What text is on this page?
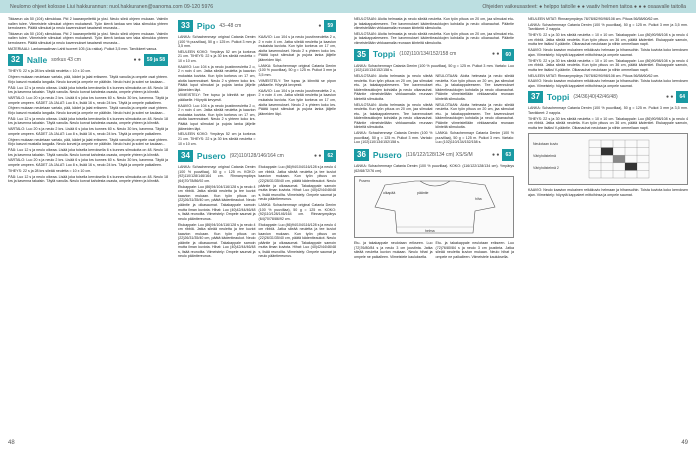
Neulomo ohjeet kolosse Liui hakkurannun: nuol.hakkuranen@sanoma.com 09-120 5976	Ohjeiden vaikeusasteet: ● helppo taitolle ● ● vaativ helmen taitoa ● ● ● osaavalle taitolla

Tikkaeun ula 50 (104) silmukkaa. Pid 2 kaaranpeitettä ja yksi. Neulo sileä ohjeen mukaan. Valmiin nallen tulee. Viimeistele silmukat ohjeen mukaisesti. Työn kierrä lankaa sen taka silmukka yhteen kerrokseen. Päätä silmukat ja neulo kavennukset tasaisesti reunasta...

Tikkaeun ula 50 (104) silmukkaa. Pid 2 kaaranpeitettä ja yksi. Neulo sileä ohjeen mukaan. Valmiin nallen tulee. Viimeistele silmukat ohjeen mukaisesti. Työn kierrä lankaa sen taka silmukka yhteen kerrokseen. Päätä silmukat ja neulo kavennukset tasaisesti reunasta...

MATERIAALI: Lankamaailman Lahti tuoreet 105 (Liu rakka). Puikot 3,5 mm. Tarvikkeet vanua.

32 Nalle sorkus 43 cm	● ●	59 ja 58

TIHEYS: 22 s ja 28 krs sileää neuletta = 10 x 10 cm.

Ohjeen mukaan neuletaan vartalo, pää, kädet ja jalat erikseen. Täytä vanulla ja ompele osat yhteen. Kirjo kasvot mustalla langalla. Neulo korvat ja ompele ne päähän. Neulo huivi ja solmi se kaulaan...

PÄÄ: Luo 12 s ja neulo oikeaa. Lisää joka toisella kerroksella 6 s kunnes silmukoita on 48. Neulo 18 krs ja kavenna takaisin. Täytä vanulla. Neulo korvat kahdesta osasta, ompele yhteen ja kiinnitä.

VARTALO: Luo 20 s ja neulo 2 krs. Lisää 6 s joka krs kunnes 60 s. Neulo 30 krs, kavenna. Täytä ja ompele umpeen. KÄDET JA JALAT: Luo 8 s, lisää 16 s, neulo 24 krs. Täytä ja ompele paikalleen.

Ohjeen mukaan neuletaan vartalo, pää, kädet ja jalat erikseen. Täytä vanulla ja ompele osat yhteen. Kirjo kasvot mustalla langalla. Neulo korvat ja ompele ne päähän. Neulo huivi ja solmi se kaulaan...

PÄÄ: Luo 12 s ja neulo oikeaa. Lisää joka toisella kerroksella 6 s kunnes silmukoita on 48. Neulo 18 krs ja kavenna takaisin. Täytä vanulla. Neulo korvat kahdesta osasta, ompele yhteen ja kiinnitä.

VARTALO: Luo 20 s ja neulo 2 krs. Lisää 6 s joka krs kunnes 60 s. Neulo 30 krs, kavenna. Täytä ja ompele umpeen. KÄDET JA JALAT: Luo 8 s, lisää 16 s, neulo 24 krs. Täytä ja ompele paikalleen.

Ohjeen mukaan neuletaan vartalo, pää, kädet ja jalat erikseen. Täytä vanulla ja ompele osat yhteen. Kirjo kasvot mustalla langalla. Neulo korvat ja ompele ne päähän. Neulo huivi ja solmi se kaulaan...

PÄÄ: Luo 12 s ja neulo oikeaa. Lisää joka toisella kerroksella 6 s kunnes silmukoita on 48. Neulo 18 krs ja kavenna takaisin. Täytä vanulla. Neulo korvat kahdesta osasta, ompele yhteen ja kiinnitä.

VARTALO: Luo 20 s ja neulo 2 krs. Lisää 6 s joka krs kunnes 60 s. Neulo 30 krs, kavenna. Täytä ja ompele umpeen. KÄDET JA JALAT: Luo 8 s, lisää 16 s, neulo 24 krs. Täytä ja ompele paikalleen.

TIHEYS: 22 s ja 28 krs sileää neuletta = 10 x 10 cm.

PÄÄ: Luo 12 s ja neulo oikeaa. Lisää joka toisella kerroksella 6 s kunnes silmukoita on 48. Neulo 18 krs ja kavenna takaisin. Täytä vanulla. Neulo korvat kahdesta osasta, ompele yhteen ja kiinnitä.

33 Pipo 43–48 cm	●	59

LANKA: Schachenmayr original Catania Denim (100 % puuvillaa), 50 g = 125 m. Puikot 3 mm ja 3,5 mm.

NEULEEN KOKO: Ympärys 52 cm ja korkeus 21 cm. TIHEYS: 22 s ja 30 krs sileää neuletta = 10 x 10 cm.

KAAVIO: Luo 104 s ja neulo joustinneuletta 2 o, 2 n noin 4 cm. Jatka sileää neuletta ja kaavion mukaista kuviota. Kun työn korkeus on 17 cm, aloita kavennukset. Neulo 2 s yhteen koko krs. Päätä loput silmukat ja pujota lanka jäljelle jääneiden läpi.

VIIMEISTELY: Tee tupsu ja kiinnitä se pipon päälaelle. Höyrytä kevyesti.

KAAVIO: Luo 104 s ja neulo joustinneuletta 2 o, 2 n noin 4 cm. Jatka sileää neuletta ja kaavion mukaista kuviota. Kun työn korkeus on 17 cm, aloita kavennukset. Neulo 2 s yhteen koko krs. Päätä loput silmukat ja pujota lanka jäljelle jääneiden läpi.

NEULEEN KOKO: Ympärys 52 cm ja korkeus 21 cm. TIHEYS: 22 s ja 30 krs sileää neuletta = 10 x 10 cm.

KAAVIO: Luo 104 s ja neulo joustinneuletta 2 o, 2 n noin 4 cm. Jatka sileää neuletta ja kaavion mukaista kuviota. Kun työn korkeus on 17 cm, aloita kavennukset. Neulo 2 s yhteen koko krs. Päätä loput silmukat ja pujota lanka jäljelle jääneiden läpi.

LANKA: Schachenmayr original Catania Denim (100 % puuvillaa), 50 g = 125 m. Puikot 3 mm ja 3,5 mm.

VIIMEISTELY: Tee tupsu ja kiinnitä se pipon päälaelle. Höyrytä kevyesti.

KAAVIO: Luo 104 s ja neulo joustinneuletta 2 o, 2 n noin 4 cm. Jatka sileää neuletta ja kaavion mukaista kuviota. Kun työn korkeus on 17 cm, aloita kavennukset. Neulo 2 s yhteen koko krs. Päätä loput silmukat ja pujota lanka jäljelle jääneiden läpi.

34 Pusero (92)110/128/146/164 cm	● ●	62

LANKA: Schachenmayr original Catania Denim (100 % puuvillaa), 50 g = 125 m. KOKO: (92)110/128/146/164 cm. Rinnanympärys (64)70/78/86/92 cm.

Etukappale: Luo (86)94/104/116/128 s ja neulo 4 cm ribbiä. Jatka sileää neuletta ja tee kuviot kaavion mukaan. Kun työn pituus on (22)26/31/35/40 cm, päätä kädentieaukot. Neulo pääntie ja olkasaumat. Takakappale samoin mutta ilman kuviota. Hihat: Luo (40)42/44/46/48 s, lisää reunoilta. Viimeistely: Ompele saumat ja neulo pääntiereunus.

Etukappale: Luo (86)94/104/116/128 s ja neulo 4 cm ribbiä. Jatka sileää neuletta ja tee kuviot kaavion mukaan. Kun työn pituus on (22)26/31/35/40 cm, päätä kädentieaukot. Neulo pääntie ja olkasaumat. Takakappale samoin mutta ilman kuviota. Hihat: Luo (40)42/44/46/48 s, lisää reunoilta. Viimeistely: Ompele saumat ja neulo pääntiereunus.

Etukappale: Luo (86)94/104/116/128 s ja neulo 4 cm ribbiä. Jatka sileää neuletta ja tee kuviot kaavion mukaan. Kun työn pituus on (22)26/31/35/40 cm, päätä kädentieaukot. Neulo pääntie ja olkasaumat. Takakappale samoin mutta ilman kuviota. Hihat: Luo (40)42/44/46/48 s, lisää reunoilta. Viimeistely: Ompele saumat ja neulo pääntiereunus.

LANKA: Schachenmayr original Catania Denim (100 % puuvillaa), 50 g = 125 m. KOKO: (92)110/128/146/164 cm. Rinnanympärys (64)70/78/86/92 cm.

Etukappale: Luo (86)94/104/116/128 s ja neulo 4 cm ribbiä. Jatka sileää neuletta ja tee kuviot kaavion mukaan. Kun työn pituus on (22)26/31/35/40 cm, päätä kädentieaukot. Neulo pääntie ja olkasaumat. Takakappale samoin mutta ilman kuviota. Hihat: Luo (40)42/44/46/48 s, lisää reunoilta. Viimeistely: Ompele saumat ja neulo pääntiereunus.

NEULOTAAN: Aloita helmasta ja neulo sileää neuletta. Kun työn pituus on 20 cm, jaa silmukat etu- ja takakappaleeseen. Tee kavennukset kädentieaukkojen kohdalla ja neulo olkanauhat. Pääntie viimeistellään virkkaamalla reunaan kiinteitä silmukoita.

NEULOTAAN: Aloita helmasta ja neulo sileää neuletta. Kun työn pituus on 20 cm, jaa silmukat etu- ja takakappaleeseen. Tee kavennukset kädentieaukkojen kohdalla ja neulo olkanauhat. Pääntie viimeistellään virkkaamalla reunaan kiinteitä silmukoita.

35 Toppi (102)110/134/152/158 cm	● ●	60

LANKA: Schachenmayr Catania Denim (100 % puuvillaa), 50 g = 125 m. Puikot 3 mm. Vartalo: Luo (102)110/134/152/158 s.

NEULOTAAN: Aloita helmasta ja neulo sileää neuletta. Kun työn pituus on 20 cm, jaa silmukat etu- ja takakappaleeseen. Tee kavennukset kädentieaukkojen kohdalla ja neulo olkanauhat. Pääntie viimeistellään virkkaamalla reunaan kiinteitä silmukoita.

NEULOTAAN: Aloita helmasta ja neulo sileää neuletta. Kun työn pituus on 20 cm, jaa silmukat etu- ja takakappaleeseen. Tee kavennukset kädentieaukkojen kohdalla ja neulo olkanauhat. Pääntie viimeistellään virkkaamalla reunaan kiinteitä silmukoita.

LANKA: Schachenmayr Catania Denim (100 % puuvillaa), 50 g = 125 m. Puikot 3 mm. Vartalo: Luo (102)110/134/152/158 s.

NEULOTAAN: Aloita helmasta ja neulo sileää neuletta. Kun työn pituus on 20 cm, jaa silmukat etu- ja takakappaleeseen. Tee kavennukset kädentieaukkojen kohdalla ja neulo olkanauhat. Pääntie viimeistellään virkkaamalla reunaan kiinteitä silmukoita.

NEULOTAAN: Aloita helmasta ja neulo sileää neuletta. Kun työn pituus on 20 cm, jaa silmukat etu- ja takakappaleeseen. Tee kavennukset kädentieaukkojen kohdalla ja neulo olkanauhat. Pääntie viimeistellään virkkaamalla reunaan kiinteitä silmukoita.

LANKA: Schachenmayr Catania Denim (100 % puuvillaa), 50 g = 125 m. Puikot 3 mm. Vartalo: Luo (102)110/134/152/158 s.

36 Pusero (116/122/128/134 cm) XS/S/M	● ●	63

LANKA: Schachenmayr Catania Denim (100 % puuvillaa). KOKO: (116/122/128/134 cm). Ympärys (62/68/72/76 cm).

Pusero
pääntie
hiha
helma
olkapää

Etu- ja takakappale neulotaan erikseen. Luo (72)76/80/84 s ja neulo 3 cm joustinta. Jatka sileää neuletta kuvion mukaan. Neulo hihat ja ompele ne paikalleen. Viimeistele kauluksella.

Etu- ja takakappale neulotaan erikseen. Luo (72)76/80/84 s ja neulo 3 cm joustinta. Jatka sileää neuletta kuvion mukaan. Neulo hihat ja ompele ne paikalleen. Viimeistele kauluksella.

NEULEEN MITAT: Rinnanympärys 78/78/82/90/98/108 cm. Pituus 56/58/60/62 cm.

LANKA: Schachenmayr Catania Denim (100 % puuvillaa), 50 g = 125 m. Puikot 3 mm ja 3,5 mm. Tarvikkeet: 2 nappia.

TIHEYS: 22 s ja 30 krs sileää neuletta = 10 x 10 cm. Takakappale: Luo (86)90/98/108 s ja neulo 4 cm ribbiä. Jatka sileää neuletta. Kun työn pituus on 36 cm, päätä kädentiet. Etukappale samoin, mutta tee lisäksi V-pääntie. Olkanauhat neulotaan ja niihin ommellaan napit.

KAAVIO: Neulo kaavion mukainen reikäkuvio helmaan ja hihansuihin. Toista kuviota koko kerroksen ajan. Viimeistely: höyrytä kappaleet mittoihinsa ja ompele saumat.

TIHEYS: 22 s ja 30 krs sileää neuletta = 10 x 10 cm. Takakappale: Luo (86)90/98/108 s ja neulo 4 cm ribbiä. Jatka sileää neuletta. Kun työn pituus on 36 cm, päätä kädentiet. Etukappale samoin, mutta tee lisäksi V-pääntie. Olkanauhat neulotaan ja niihin ommellaan napit.

NEULEEN MITAT: Rinnanympärys 78/78/82/90/98/108 cm. Pituus 56/58/60/62 cm.

KAAVIO: Neulo kaavion mukainen reikäkuvio helmaan ja hihansuihin. Toista kuviota koko kerroksen ajan. Viimeistely: höyrytä kappaleet mittoihinsa ja ompele saumat.

37 Toppi (34/36)40(42/46/48)	● ●	64

LANKA: Schachenmayr Catania Denim (100 % puuvillaa), 50 g = 125 m. Puikot 3 mm ja 3,5 mm. Tarvikkeet: 2 nappia.

TIHEYS: 22 s ja 30 krs sileää neuletta = 10 x 10 cm. Takakappale: Luo (86)90/98/108 s ja neulo 4 cm ribbiä. Jatka sileää neuletta. Kun työn pituus on 36 cm, päätä kädentiet. Etukappale samoin, mutta tee lisäksi V-pääntie. Olkanauhat neulotaan ja niihin ommellaan napit.

Neulotaan kuvio
Väriyhdistelmä
Väriyhdistelmä 2

KAAVIO: Neulo kaavion mukainen reikäkuvio helmaan ja hihansuihin. Toista kuviota koko kerroksen ajan. Viimeistely: höyrytä kappaleet mittoihinsa ja ompele saumat.

48	49
